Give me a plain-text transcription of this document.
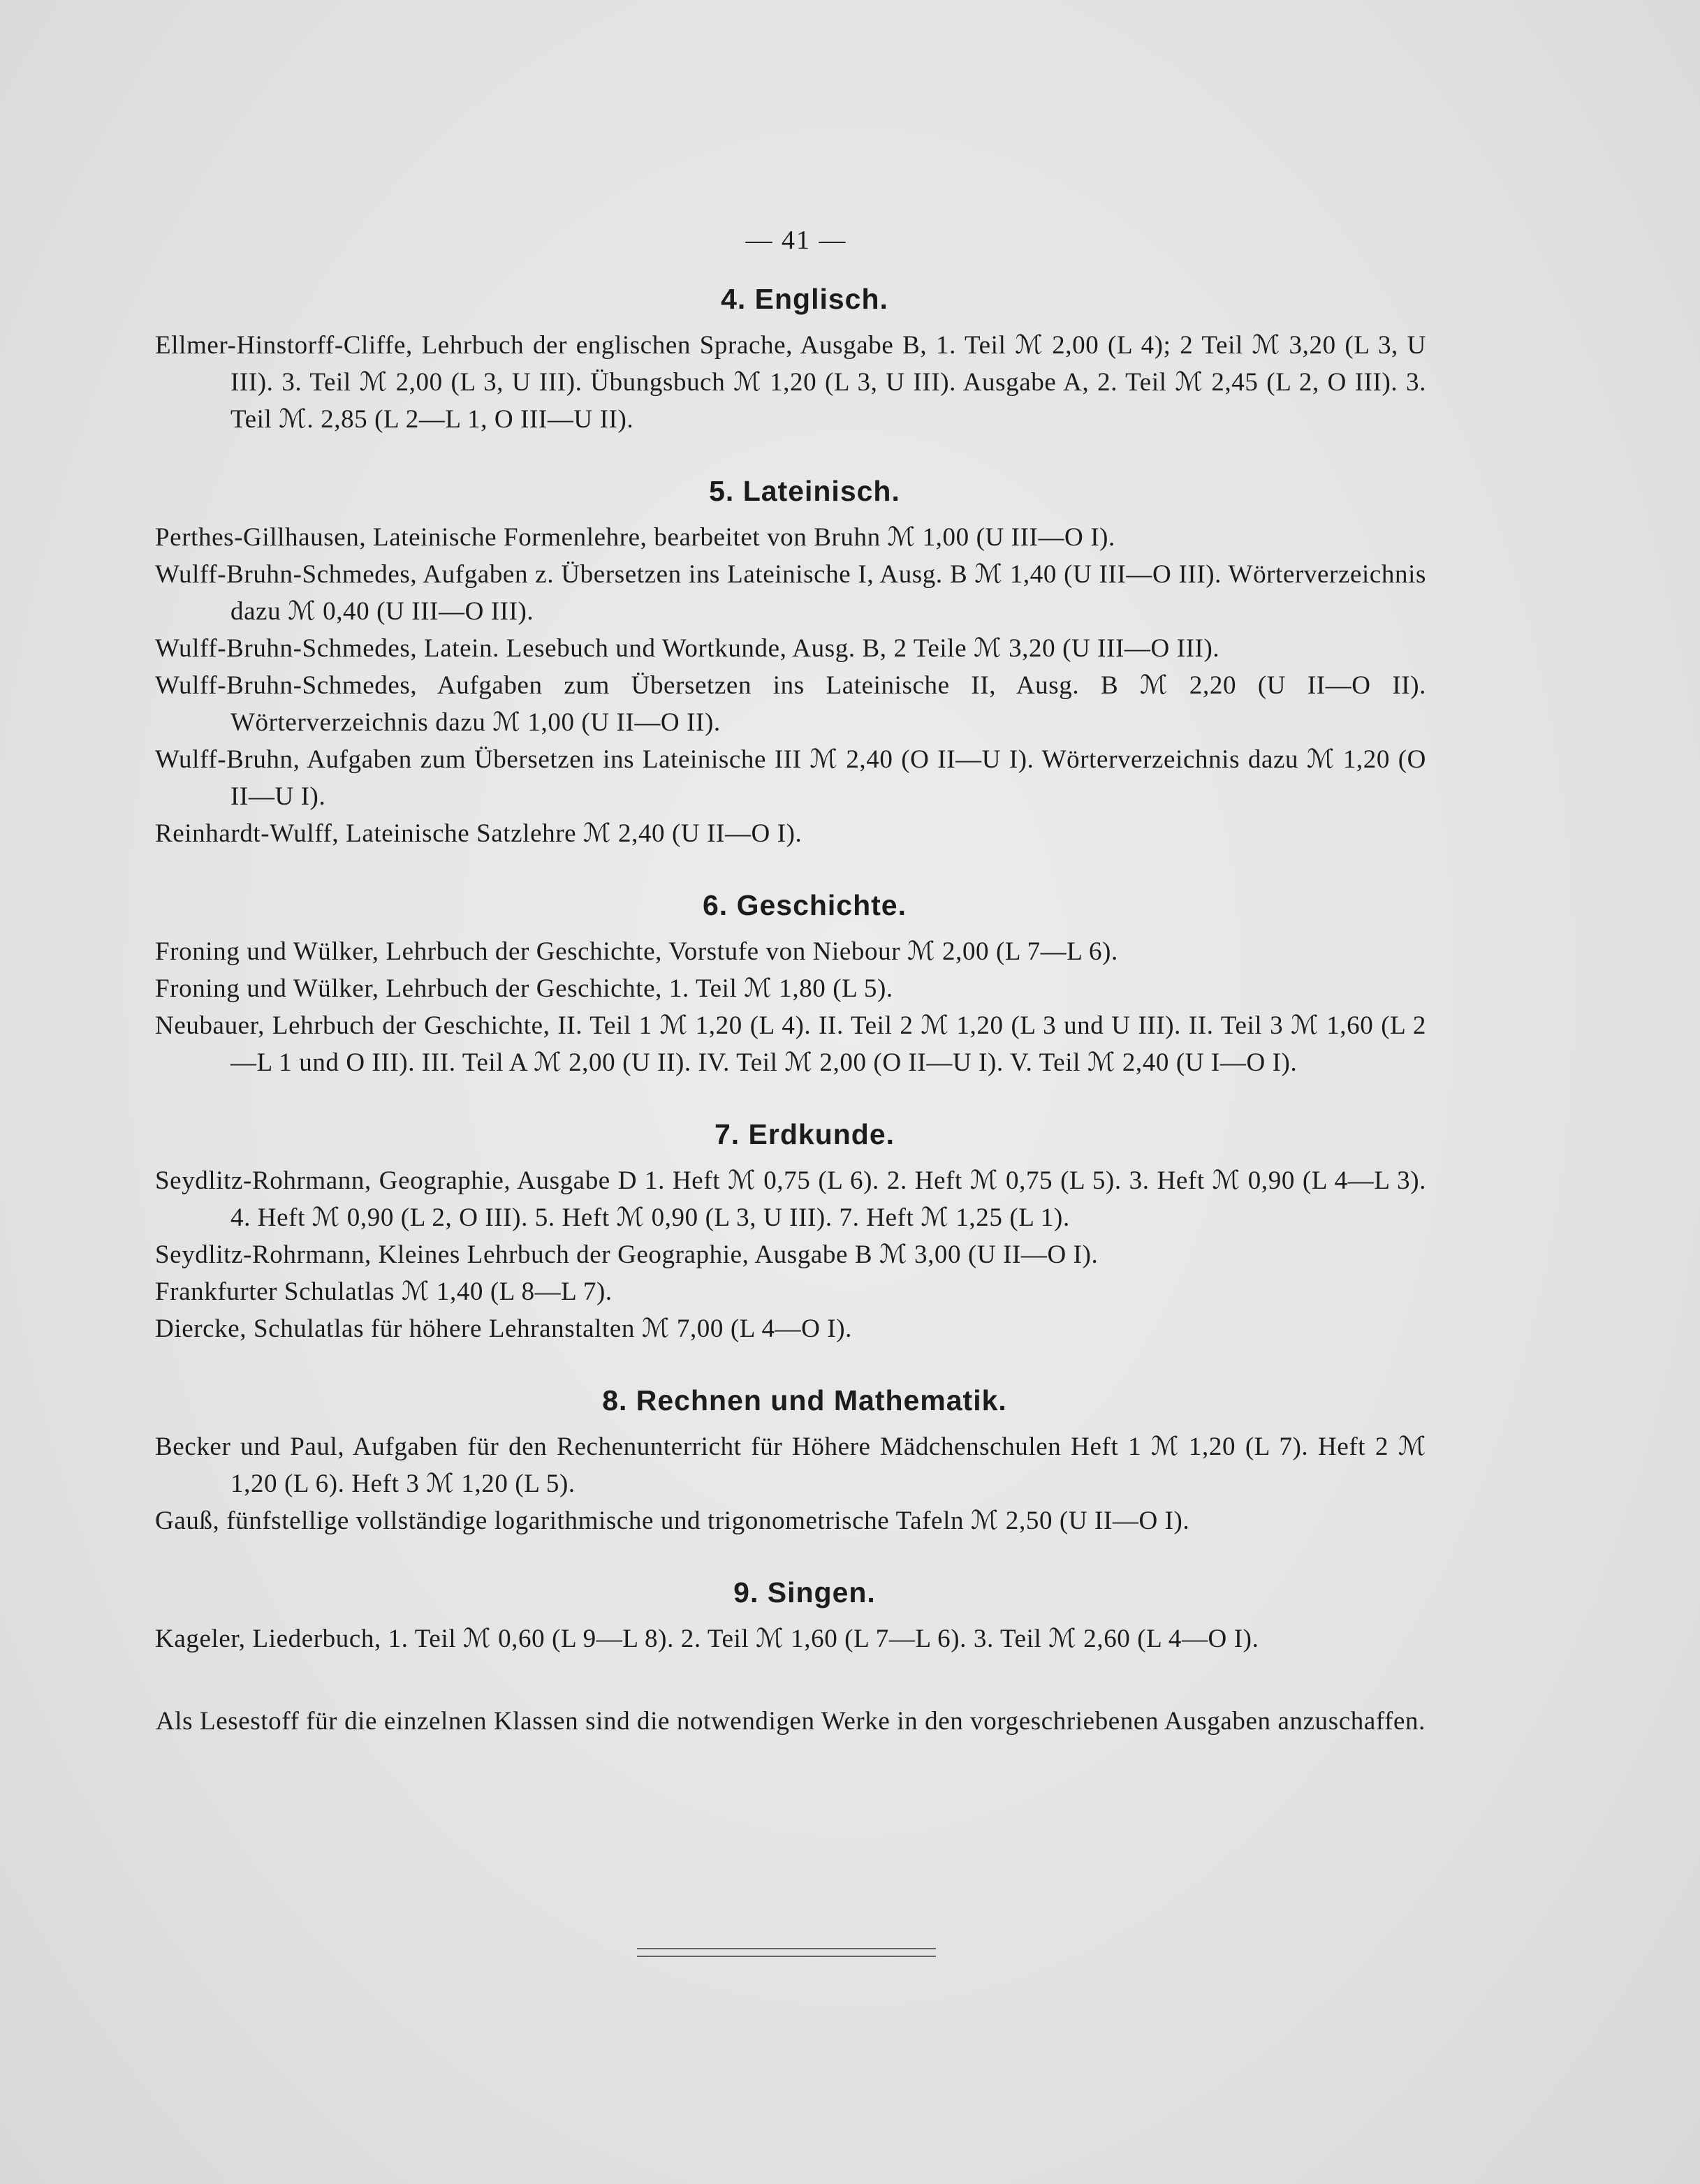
— 41 —
4. Englisch.

Ellmer-Hinstorff-Cliffe, Lehrbuch der englischen Sprache, Ausgabe B, 1. Teil ℳ 2,00 (L 4); 2 Teil ℳ 3,20 (L 3, U III). 3. Teil ℳ 2,00 (L 3, U III). Übungsbuch ℳ 1,20 (L 3, U III). Ausgabe A, 2. Teil ℳ 2,45 (L 2, O III). 3. Teil ℳ. 2,85 (L 2—L 1, O III—U II).

5. Lateinisch.

Perthes-Gillhausen, Lateinische Formenlehre, bearbeitet von Bruhn ℳ 1,00 (U III—O I).

Wulff-Bruhn-Schmedes, Aufgaben z. Übersetzen ins Lateinische I, Ausg. B ℳ 1,40 (U III—O III). Wörterverzeichnis dazu ℳ 0,40 (U III—O III).

Wulff-Bruhn-Schmedes, Latein. Lesebuch und Wortkunde, Ausg. B, 2 Teile ℳ 3,20 (U III—O III).

Wulff-Bruhn-Schmedes, Aufgaben zum Übersetzen ins Lateinische II, Ausg. B ℳ 2,20 (U II—O II). Wörterverzeichnis dazu ℳ 1,00 (U II—O II).

Wulff-Bruhn, Aufgaben zum Übersetzen ins Lateinische III ℳ 2,40 (O II—U I). Wörterverzeichnis dazu ℳ 1,20 (O II—U I).

Reinhardt-Wulff, Lateinische Satzlehre ℳ 2,40 (U II—O I).

6. Geschichte.

Froning und Wülker, Lehrbuch der Geschichte, Vorstufe von Niebour ℳ 2,00 (L 7—L 6).

Froning und Wülker, Lehrbuch der Geschichte, 1. Teil ℳ 1,80 (L 5).

Neubauer, Lehrbuch der Geschichte, II. Teil 1 ℳ 1,20 (L 4). II. Teil 2 ℳ 1,20 (L 3 und U III). II. Teil 3 ℳ 1,60 (L 2—L 1 und O III). III. Teil A ℳ 2,00 (U II). IV. Teil ℳ 2,00 (O II—U I). V. Teil ℳ 2,40 (U I—O I).

7. Erdkunde.

Seydlitz-Rohrmann, Geographie, Ausgabe D 1. Heft ℳ 0,75 (L 6). 2. Heft ℳ 0,75 (L 5). 3. Heft ℳ 0,90 (L 4—L 3). 4. Heft ℳ 0,90 (L 2, O III). 5. Heft ℳ 0,90 (L 3, U III). 7. Heft ℳ 1,25 (L 1).

Seydlitz-Rohrmann, Kleines Lehrbuch der Geographie, Ausgabe B ℳ 3,00 (U II—O I).

Frankfurter Schulatlas ℳ 1,40 (L 8—L 7).

Diercke, Schulatlas für höhere Lehranstalten ℳ 7,00 (L 4—O I).

8. Rechnen und Mathematik.

Becker und Paul, Aufgaben für den Rechenunterricht für Höhere Mädchenschulen Heft 1 ℳ 1,20 (L 7). Heft 2 ℳ 1,20 (L 6). Heft 3 ℳ 1,20 (L 5).

Gauß, fünfstellige vollständige logarithmische und trigonometrische Tafeln ℳ 2,50 (U II—O I).

9. Singen.

Kageler, Liederbuch, 1. Teil ℳ 0,60 (L 9—L 8). 2. Teil ℳ 1,60 (L 7—L 6). 3. Teil ℳ 2,60 (L 4—O I).

Als Lesestoff für die einzelnen Klassen sind die notwendigen Werke in den vorgeschriebenen Ausgaben anzuschaffen.
